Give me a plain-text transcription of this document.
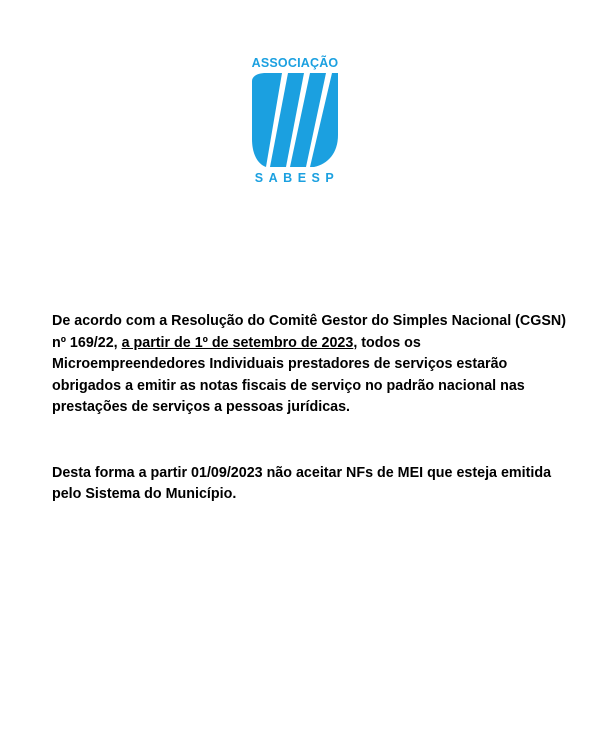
ASSOCIAÇÃO
SABESP

De acordo com a Resolução do Comitê Gestor do Simples Nacional (CGSN) nº 169/22, a partir de 1º de setembro de 2023, todos os Microempreendedores Individuais prestadores de serviços estarão obrigados a emitir as notas fiscais de serviço no padrão nacional nas prestações de serviços a pessoas jurídicas.

Desta forma a partir 01/09/2023 não aceitar NFs de MEI que esteja emitida pelo Sistema do Município.
